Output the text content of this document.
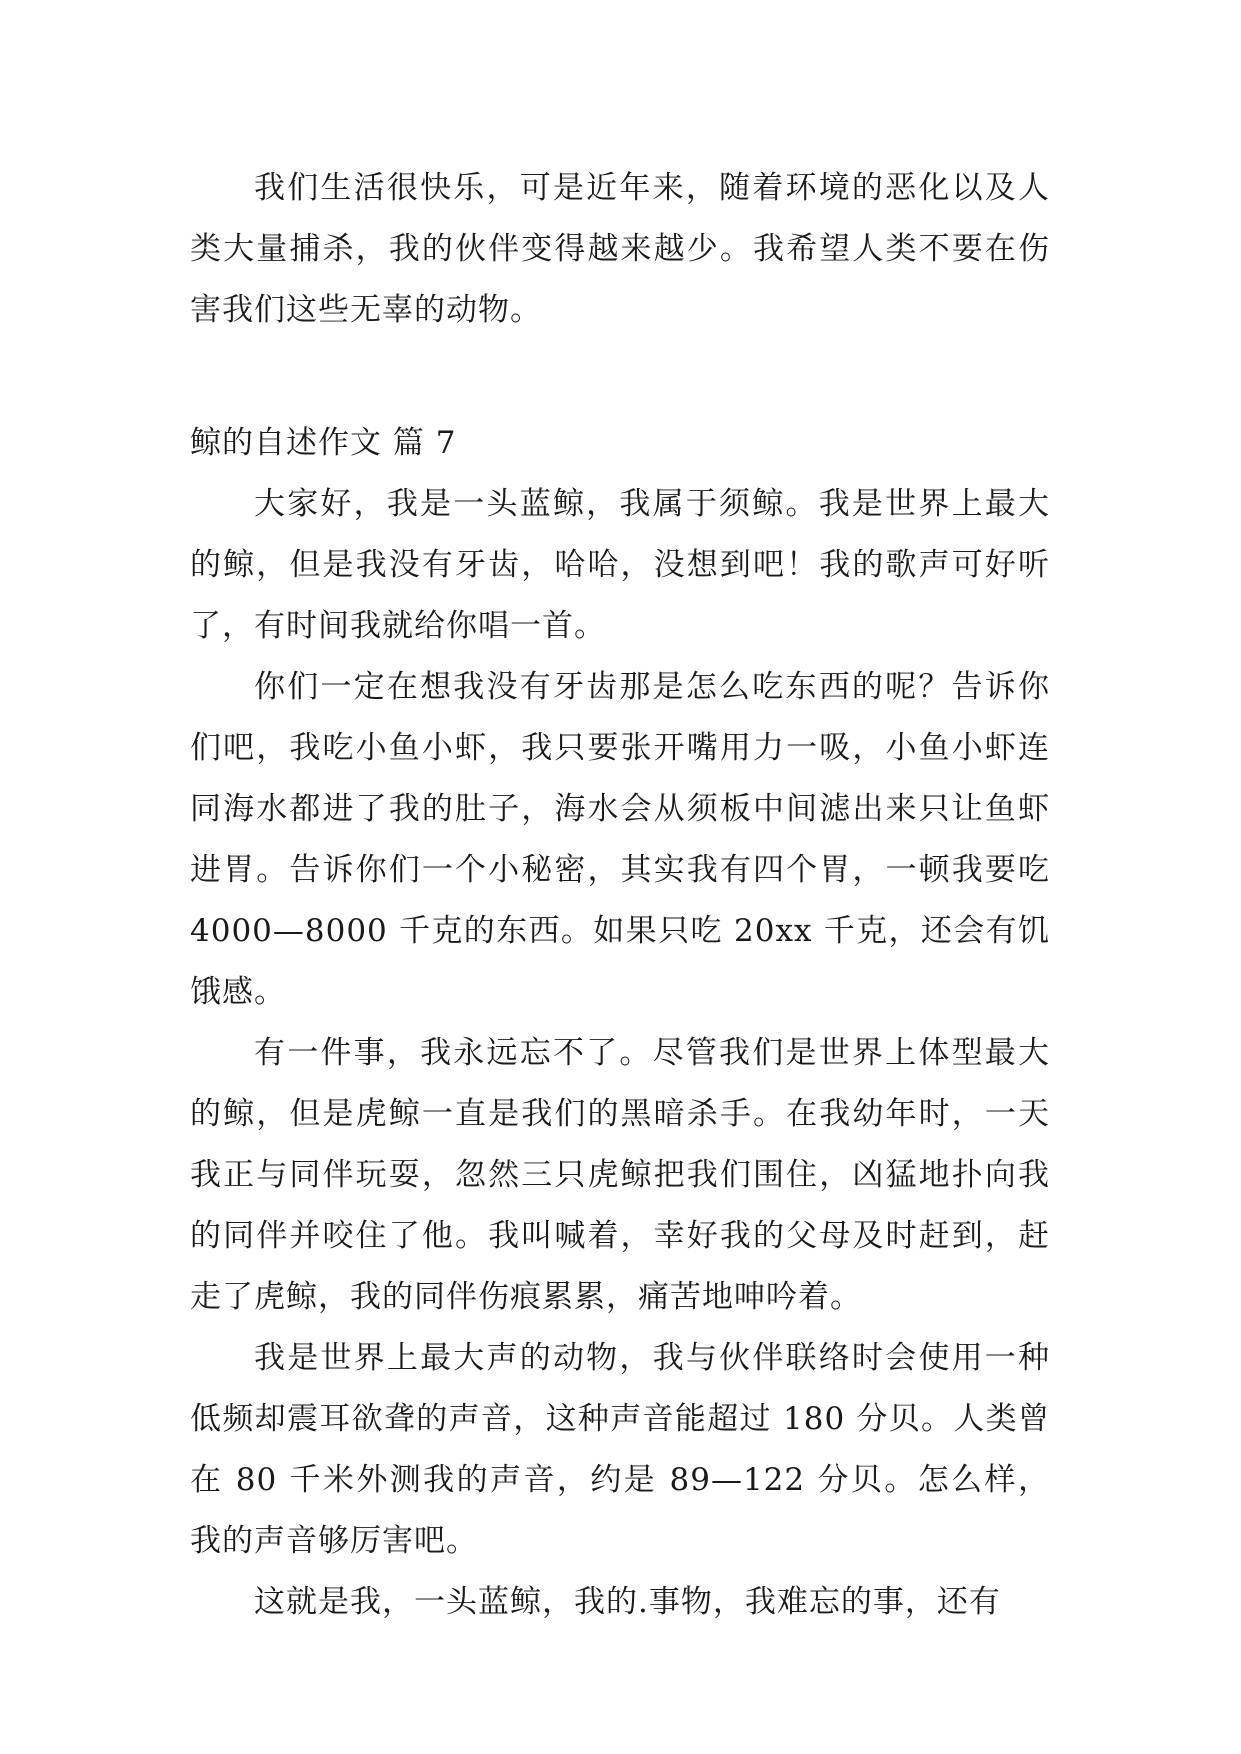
我们生活很快乐，可是近年来，随着环境的恶化以及人类大量捕杀，我的伙伴变得越来越少。我希望人类不要在伤害我们这些无辜的动物。

鲸的自述作文 篇 7

大家好，我是一头蓝鲸，我属于须鲸。我是世界上最大的鲸，但是我没有牙齿，哈哈，没想到吧！我的歌声可好听了，有时间我就给你唱一首。

你们一定在想我没有牙齿那是怎么吃东西的呢？告诉你们吧，我吃小鱼小虾，我只要张开嘴用力一吸，小鱼小虾连同海水都进了我的肚子，海水会从须板中间滤出来只让鱼虾进胃。告诉你们一个小秘密，其实我有四个胃，一顿我要吃 4000—8000 千克的东西。如果只吃 20xx 千克，还会有饥饿感。

有一件事，我永远忘不了。尽管我们是世界上体型最大的鲸，但是虎鲸一直是我们的黑暗杀手。在我幼年时，一天我正与同伴玩耍，忽然三只虎鲸把我们围住，凶猛地扑向我的同伴并咬住了他。我叫喊着，幸好我的父母及时赶到，赶走了虎鲸，我的同伴伤痕累累，痛苦地呻吟着。

我是世界上最大声的动物，我与伙伴联络时会使用一种低频却震耳欲聋的声音，这种声音能超过 180 分贝。人类曾在 80 千米外测我的声音，约是 89—122 分贝。怎么样，我的声音够厉害吧。

这就是我，一头蓝鲸，我的.事物，我难忘的事，还有
